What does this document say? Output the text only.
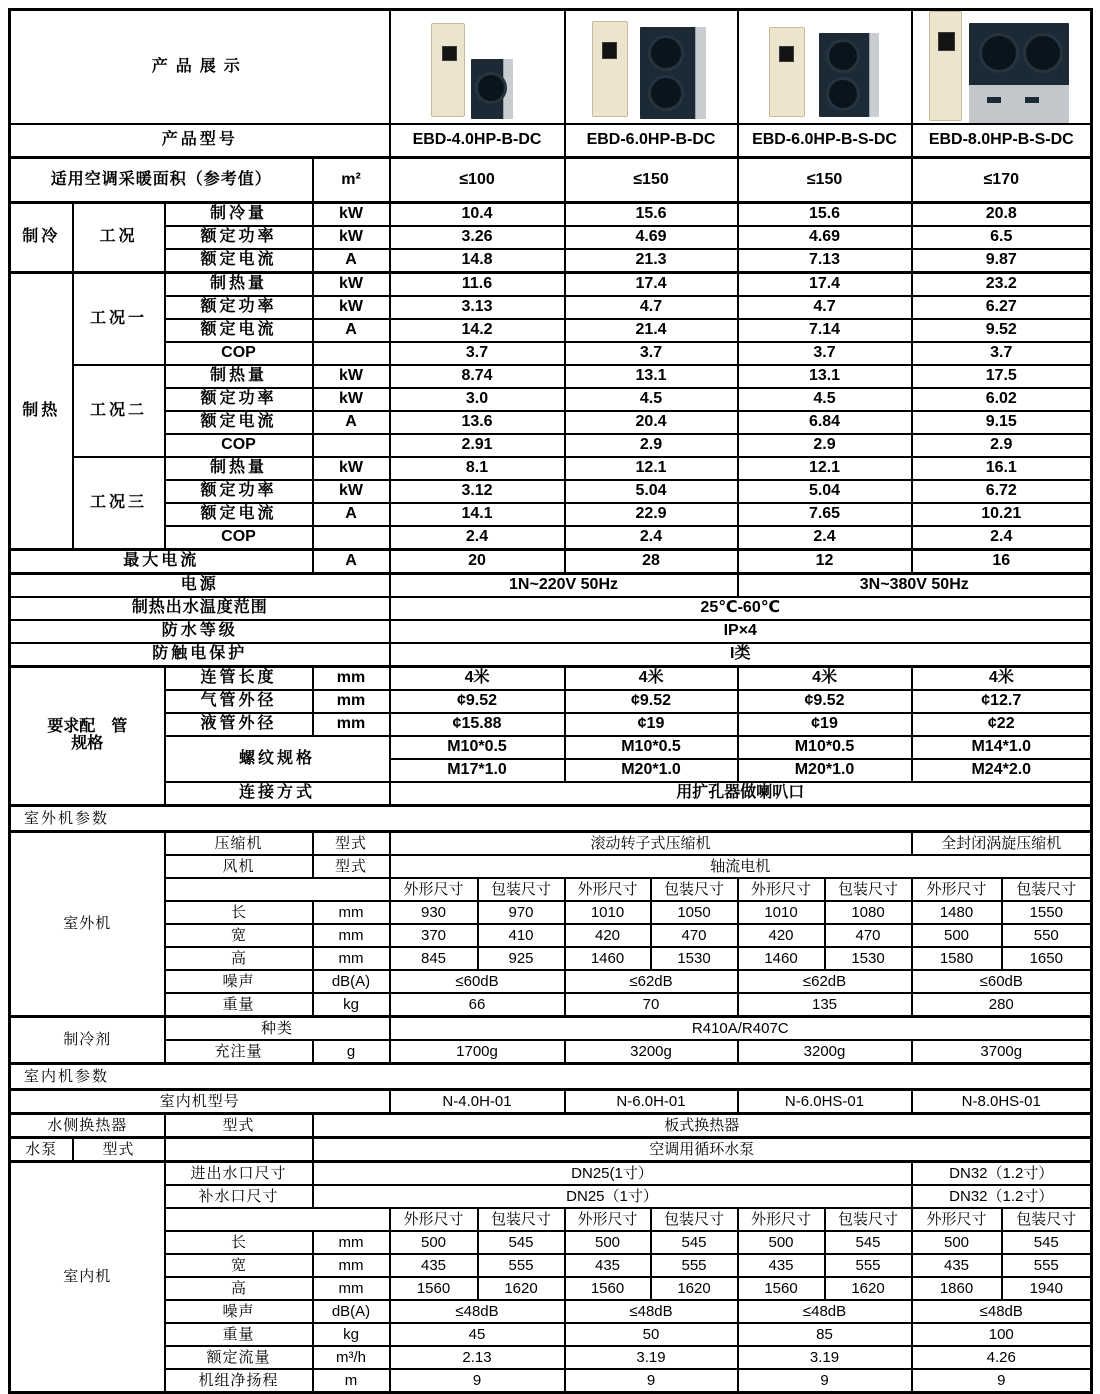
产品展示								

产品型号				EBD-4.0HP-B-DC		EBD-6.0HP-B-DC		EBD-6.0HP-B-S-DC		EBD-8.0HP-B-S-DC	
适用空调采暖面积（参考值）			m²	≤100		≤150		≤150		≤170	
制冷	工况	制冷量	kW	10.4		15.6		15.6		20.8	
		额定功率	kW	3.26		4.69		4.69		6.5	
		额定电流	A	14.8		21.3		7.13		9.87	
制热	工况一	制热量	kW	11.6		17.4		17.4		23.2	
		额定功率	kW	3.13		4.7		4.7		6.27	
		额定电流	A	14.2		21.4		7.14		9.52	
		COP		3.7		3.7		3.7		3.7	
	工况二	制热量	kW	8.74		13.1		13.1		17.5	
		额定功率	kW	3.0		4.5		4.5		6.02	
		额定电流	A	13.6		20.4		6.84		9.15	
		COP		2.91		2.9		2.9		2.9	
	工况三	制热量	kW	8.1		12.1		12.1		16.1	
		额定功率	kW	3.12		5.04		5.04		6.72	
		额定电流	A	14.1		22.9		7.65		10.21	
		COP		2.4		2.4		2.4		2.4	
最大电流			A	20		28		12		16	
电源				1N~220V 50Hz				3N~380V 50Hz			
制热出水温度范围				25℃-60℃							
防水等级				IP×4							
防触电保护				I类							

要求配　管
规格		连管长度	mm	4米		4米		4米		4米	
		气管外径	mm	¢9.52		¢9.52		¢9.52		¢12.7	
		液管外径	mm	¢15.88		¢19		¢19		¢22	
		螺纹规格		M10*0.5		M10*0.5		M10*0.5		M14*1.0	
				M17*1.0		M20*1.0		M20*1.0		M24*2.0	
		连接方式		用扩孔器做喇叭口							
室外机参数											
室外机		压缩机	型式	滚动转子式压缩机						全封闭涡旋压缩机	
		风机	型式	轴流电机							
				外形尺寸	包装尺寸	外形尺寸	包装尺寸	外形尺寸	包装尺寸	外形尺寸	包装尺寸
		长	mm	930	970	1010	1050	1010	1080	1480	1550
		宽	mm	370	410	420	470	420	470	500	550
		高	mm	845	925	1460	1530	1460	1530	1580	1650
		噪声	dB(A)	≤60dB		≤62dB		≤62dB		≤60dB	
		重量	kg	66		70		135		280	
制冷剂		种类		R410A/R407C							
		充注量	g	1700g		3200g		3200g		3700g	
室内机参数											
室内机型号				N-4.0H-01		N-6.0H-01		N-6.0HS-01		N-8.0HS-01	
水侧换热器		型式	板式换热器								
水泵	型式		空调用循环水泵								
室内机		进出水口尺寸	DN25(1寸）							DN32（1.2寸）	
		补水口尺寸	DN25（1寸）							DN32（1.2寸）	
				外形尺寸	包装尺寸	外形尺寸	包装尺寸	外形尺寸	包装尺寸	外形尺寸	包装尺寸
		长	mm	500	545	500	545	500	545	500	545
		宽	mm	435	555	435	555	435	555	435	555
		高	mm	1560	1620	1560	1620	1560	1620	1860	1940
		噪声	dB(A)	≤48dB		≤48dB		≤48dB		≤48dB	
		重量	kg	45		50		85		100	
		额定流量	m³/h	2.13		3.19		3.19		4.26	
		机组净扬程	m	9		9		9		9	
